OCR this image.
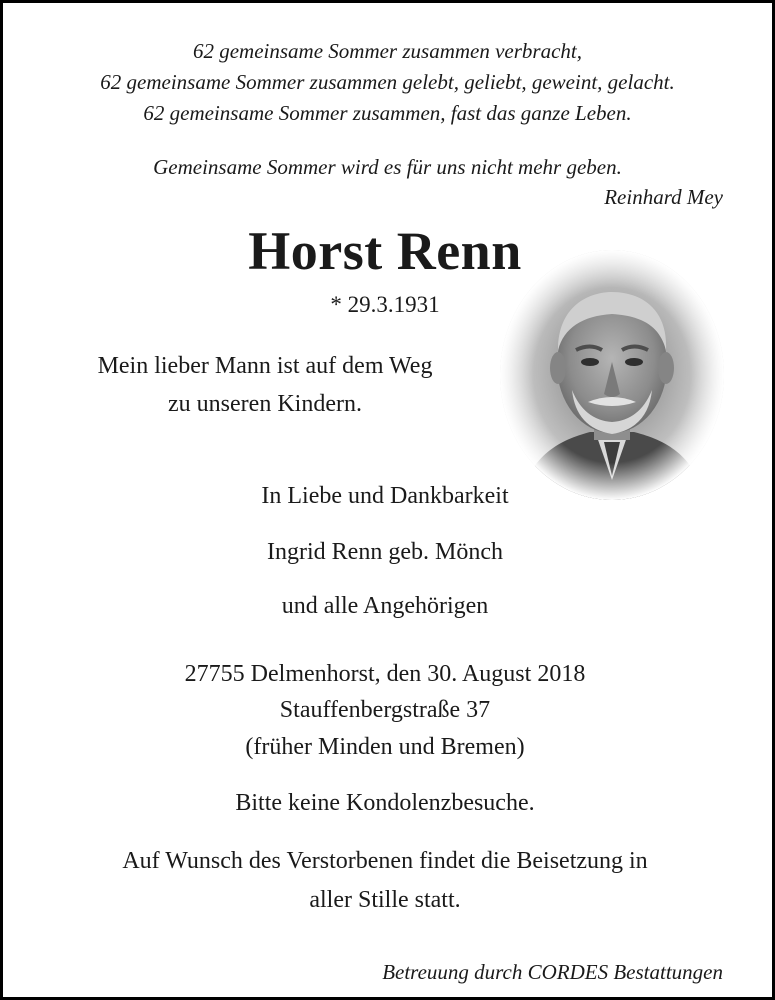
62 gemeinsame Sommer zusammen verbracht,
62 gemeinsame Sommer zusammen gelebt, geliebt, geweint, gelacht.
62 gemeinsame Sommer zusammen, fast das ganze Leben.
Gemeinsame Sommer wird es für uns nicht mehr geben.
Reinhard Mey
Horst Renn
* 29.3.1931
Mein lieber Mann ist auf dem Weg
zu unseren Kindern.
In Liebe und Dankbarkeit
Ingrid Renn geb. Mönch
und alle Angehörigen
27755 Delmenhorst, den 30. August 2018
Stauffenbergstraße 37
(früher Minden und Bremen)
Bitte keine Kondolenzbesuche.
Auf Wunsch des Verstorbenen findet die Beisetzung in
aller Stille statt.
Betreuung durch CORDES Bestattungen
